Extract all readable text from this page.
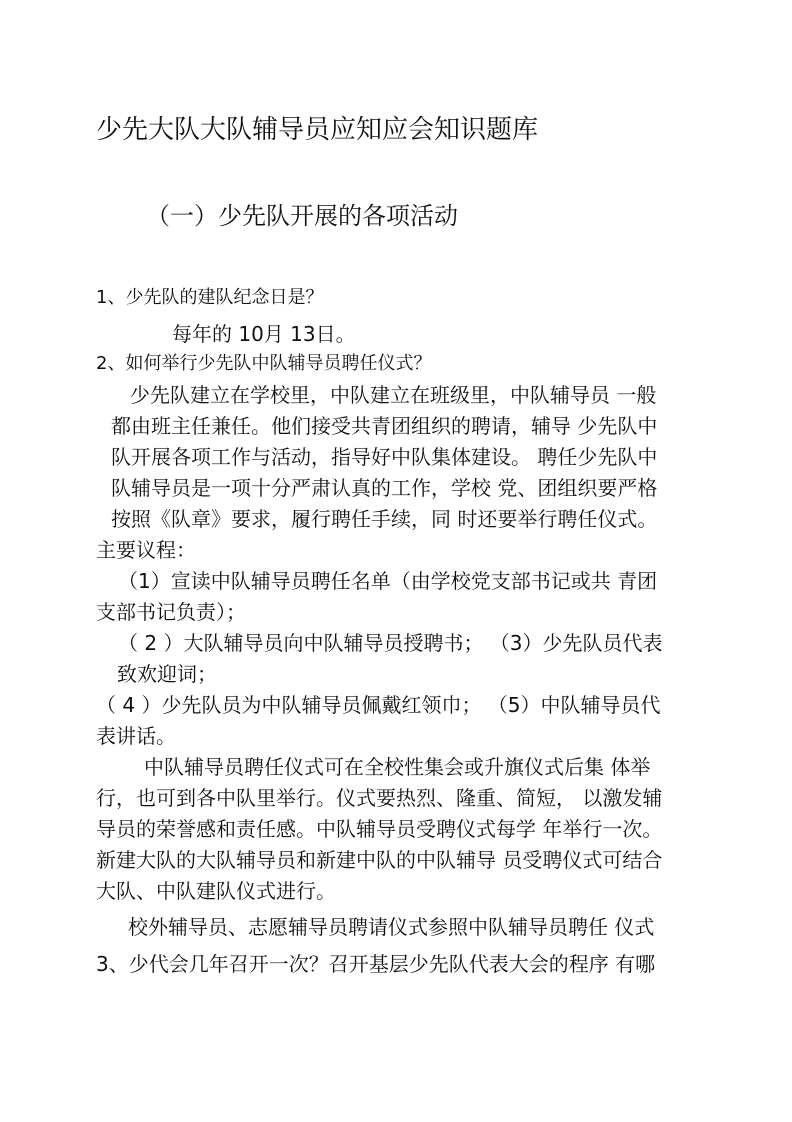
少先大队大队辅导员应知应会知识题库
（一）少先队开展的各项活动
1、少先队的建队纪念日是？
每年的 10月 13日。
2、如何举行少先队中队辅导员聘任仪式？
少先队建立在学校里，中队建立在班级里，中队辅导员 一般
都由班主任兼任。他们接受共青团组织的聘请，辅导 少先队中
队开展各项工作与活动，指导好中队集体建设。 聘任少先队中
队辅导员是一项十分严肃认真的工作，学校 党、团组织要严格
按照《队章》要求，履行聘任手续，同 时还要举行聘任仪式。
主要议程：
（1）宣读中队辅导员聘任名单（由学校党支部书记或共 青团
支部书记负责）；
（ 2 ）大队辅导员向中队辅导员授聘书； （3）少先队员代表
致欢迎词；
（ 4 ）少先队员为中队辅导员佩戴红领巾； （5）中队辅导员代
表讲话。
中队辅导员聘任仪式可在全校性集会或升旗仪式后集 体举
行，也可到各中队里举行。仪式要热烈、隆重、简短， 以激发辅
导员的荣誉感和责任感。中队辅导员受聘仪式每学 年举行一次。
新建大队的大队辅导员和新建中队的中队辅导 员受聘仪式可结合
大队、中队建队仪式进行。
校外辅导员、志愿辅导员聘请仪式参照中队辅导员聘任 仪式
3、少代会几年召开一次？召开基层少先队代表大会的程序 有哪
